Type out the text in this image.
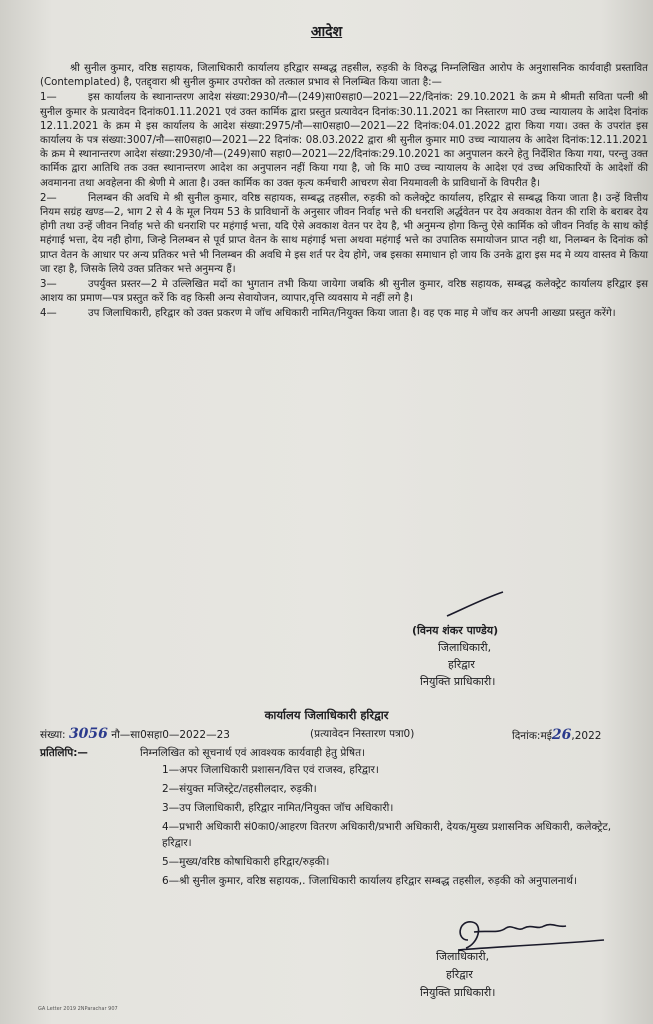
आदेश

श्री सुनील कुमार, वरिष्ठ सहायक, जिलाधिकारी कार्यालय हरिद्वार सम्बद्ध तहसील, रुड़की के विरुद्ध निम्नलिखित आरोप के अनुशासनिक कार्यवाही प्रस्तावित (Contemplated) है, एतद्द्वारा श्री सुनील कुमार उपरोक्त को तत्काल प्रभाव से निलम्बित किया जाता है:—

1—	इस कार्यालय के स्थानान्तरण आदेश संख्या:2930/नौ—(249)सा0सहा0—2021—22/दिनांक: 29.10.2021 के क्रम मे श्रीमती सविता पत्नी श्री सुनील कुमार के प्रत्यावेदन दिनांक01.11.2021 एवं उक्त कार्मिक द्वारा प्रस्तुत प्रत्यावेदन दिनांक:30.11.2021 का निस्तारण मा0 उच्च न्यायालय के आदेश दिनांक 12.11.2021 के क्रम मे इस कार्यालय के आदेश संख्या:2975/नौ—सा0सहा0—2021—22 दिनांक:04.01.2022 द्वारा किया गया। उक्त के उपरांत इस कार्यालय के पत्र संख्या:3007/नौ—सा0सहा0—2021—22 दिनांक: 08.03.2022 द्वारा श्री सुनील कुमार मा0 उच्च न्यायालय के आदेश दिनांक:12.11.2021 के क्रम मे स्थानान्तरण आदेश संख्या:2930/नौ—(249)सा0 सहा0—2021—22/दिनांक:29.10.2021 का अनुपालन करने हेतु निर्देशित किया गया, परन्तु उक्त कार्मिक द्वारा आतिथि तक उक्त स्थानान्तरण आदेश का अनुपालन नहीं किया गया है, जो कि मा0 उच्च न्यायालय के आदेश एवं उच्च अधिकारियों के आदेशों की अवमानना तथा अवहेलना की श्रेणी मे आता है। उक्त कार्मिक का उक्त कृत्य कर्मचारी आचरण सेवा नियमावली के प्राविधानों के विपरीत है।

2—	निलम्बन की अवधि मे श्री सुनील कुमार, वरिष्ठ सहायक, सम्बद्ध तहसील, रुड़की को कलेक्ट्रेट कार्यालय, हरिद्वार से सम्बद्ध किया जाता है। उन्हें वित्तीय नियम सग्रंह खण्ड—2, भाग 2 से 4 के मूल नियम 53 के प्राविधानों के अनुसार जीवन निर्वाह भत्ते की धनराशि अर्द्धवेतन पर देय अवकाश वेतन की राशि के बराबर देय होगी तथा उन्हें जीवन निर्वाह भत्ते की धनराशि पर महंगाई भत्ता, यदि ऐसे अवकाश वेतन पर देय है, भी अनुमन्य होगा किन्तु ऐसे कार्मिक को जीवन निर्वाह के साथ कोई महंगाई भत्ता, देय नही होगा, जिन्हे निलम्बन से पूर्व प्राप्त वेतन के साथ महंगाई भत्ता अथवा महंगाई भत्ते का उपातिक समायोजन प्राप्त नही था, निलम्बन के दिनांक को प्राप्त वेतन के आधार पर अन्य प्रतिकर भत्ते भी निलम्बन की अवधि मे इस शर्त पर देय होगे, जब इसका समाधान हो जाय कि उनके द्वारा इस मद मे व्यय वास्तव मे किया जा रहा है, जिसके लिये उक्त प्रतिकर भत्ते अनुमन्य हैं।

3—	उपर्युक्त प्रस्तर—2 मे उल्लिखित मदों का भुगतान तभी किया जायेगा जबकि श्री सुनील कुमार, वरिष्ठ सहायक, सम्बद्ध कलेक्ट्रेट कार्यालय हरिद्वार इस आशय का प्रमाण—पत्र प्रस्तुत करें कि वह किसी अन्य सेवायोजन, व्यापार,वृत्ति व्यवसाय मे नहीं लगे है।

4—	उप जिलाधिकारी, हरिद्वार को उक्त प्रकरण मे जॉच अधिकारी नामित/नियुक्त किया जाता है। वह एक माह मे जॉच कर अपनी आख्या प्रस्तुत करेंगे।

(विनय शंकर पाण्डेय)
जिलाधिकारी,
हरिद्वार
नियुक्ति प्राधिकारी।
कार्यालय जिलाधिकारी हरिद्वार
संख्या: 3056 नौ—सा0सहा0—2022—23	(प्रत्यावेदन निस्तारण पत्रा0)	दिनांक:मई26,2022
प्रतिलिपि:—	निम्नलिखित को सूचनार्थ एवं आवश्यक कार्यवाही हेतु प्रेषित।
1—अपर जिलाधिकारी प्रशासन/वित्त एवं राजस्व, हरिद्वार।
2—संयुक्त मजिस्ट्रेट/तहसीलदार, रुड़की।
3—उप जिलाधिकारी, हरिद्वार नामित/नियुक्त जॉच अधिकारी।
4—प्रभारी अधिकारी सं0का0/आहरण वितरण अधिकारी/प्रभारी अधिकारी, देयक/मुख्य प्रशासनिक अधिकारी, कलेक्ट्रेट, हरिद्वार।
5—मुख्य/वरिष्ठ कोषाधिकारी हरिद्वार/रुड़की।
6—श्री सुनील कुमार, वरिष्ठ सहायक,. जिलाधिकारी कार्यालय हरिद्वार सम्बद्ध तहसील, रुड़की को अनुपालनार्थ।
जिलाधिकारी,
हरिद्वार
नियुक्ति प्राधिकारी।
GA Letter 2019 2NParachar 907
